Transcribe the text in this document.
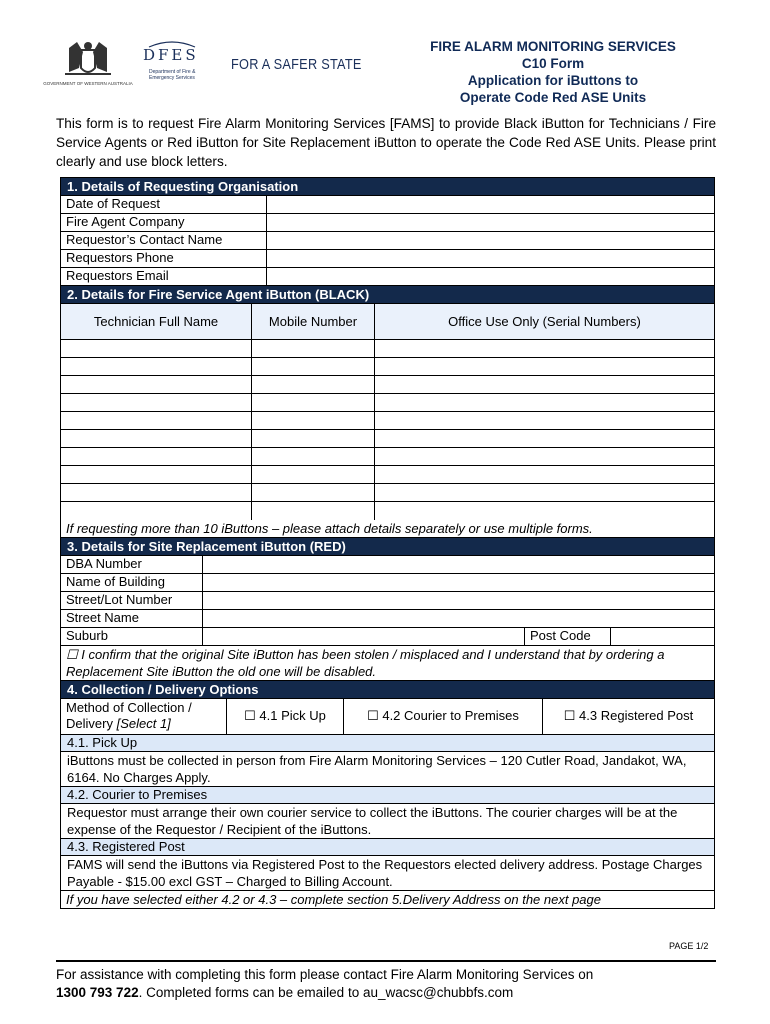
GOVERNMENT OF WESTERN AUSTRALIA
DFES
Department of Fire & Emergency Services
FOR A SAFER STATE
FIRE ALARM MONITORING SERVICES
C10 Form
Application for iButtons to
Operate Code Red ASE Units
This form is to request Fire Alarm Monitoring Services [FAMS] to provide Black iButton for Technicians / Fire Service Agents or Red iButton for Site Replacement iButton to operate the Code Red ASE Units. Please print clearly and use block letters.
1. Details of Requesting Organisation
Date of Request
Fire Agent Company
Requestor’s Contact Name
Requestors Phone
Requestors Email
2. Details for Fire Service Agent iButton (BLACK)
Technician Full Name	Mobile Number	Office Use Only (Serial Numbers)
If requesting more than 10 iButtons – please attach details separately or use multiple forms.
3. Details for Site Replacement iButton (RED)
DBA Number
Name of Building
Street/Lot Number
Street Name
Suburb	Post Code
☐ I confirm that the original Site iButton has been stolen / misplaced and I understand that by ordering a Replacement Site iButton the old one will be disabled.
4. Collection / Delivery Options
Method of Collection / Delivery [Select 1]
☐ 4.1 Pick Up	☐ 4.2 Courier to Premises	☐ 4.3 Registered Post
4.1. Pick Up
iButtons must be collected in person from Fire Alarm Monitoring Services – 120 Cutler Road, Jandakot, WA, 6164. No Charges Apply.
4.2. Courier to Premises
Requestor must arrange their own courier service to collect the iButtons. The courier charges will be at the expense of the Requestor / Recipient of the iButtons.
4.3. Registered Post
FAMS will send the iButtons via Registered Post to the Requestors elected delivery address. Postage Charges Payable - $15.00 excl GST – Charged to Billing Account.
If you have selected either 4.2 or 4.3 – complete section 5.Delivery Address on the next page
PAGE 1/2
For assistance with completing this form please contact Fire Alarm Monitoring Services on
1300 793 722. Completed forms can be emailed to au_wacsc@chubbfs.com
